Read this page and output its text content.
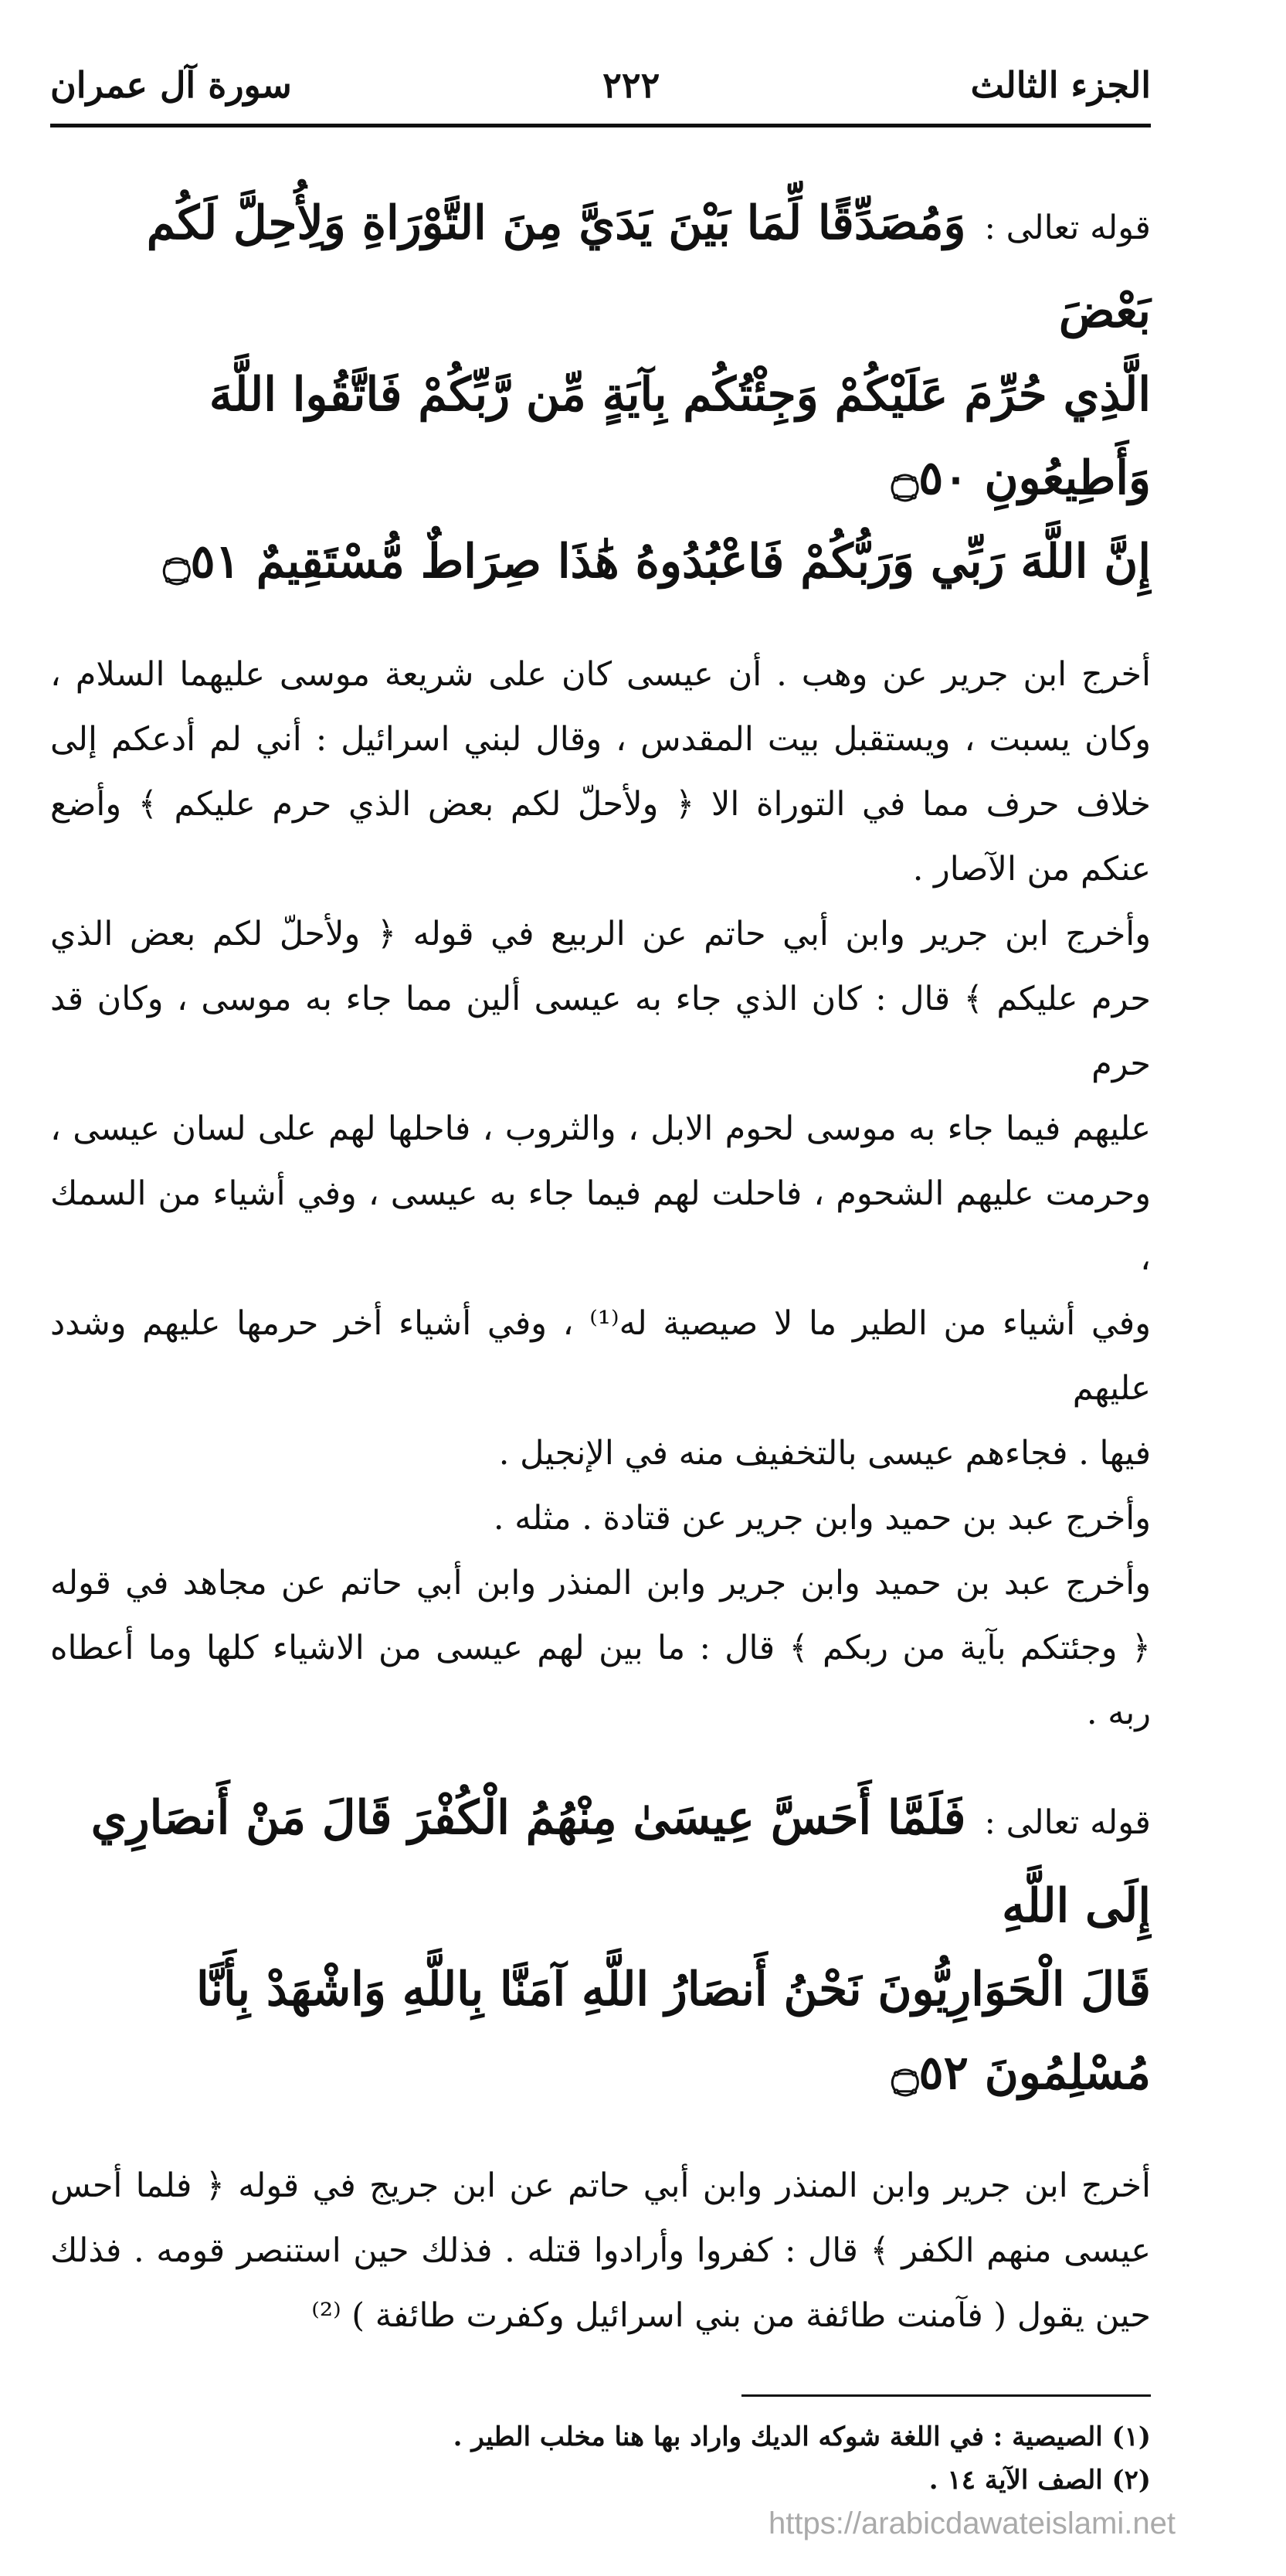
الجزء الثالث
٢٢٢
سورة آل عمران
قوله تعالى :وَمُصَدِّقًا لِّمَا بَيْنَ يَدَيَّ مِنَ التَّوْرَاةِ وَلِأُحِلَّ لَكُم بَعْضَ
الَّذِي حُرِّمَ عَلَيْكُمْ وَجِئْتُكُم بِآيَةٍ مِّن رَّبِّكُمْ فَاتَّقُوا اللَّهَ وَأَطِيعُونِ ۝٥٠
إِنَّ اللَّهَ رَبِّي وَرَبُّكُمْ فَاعْبُدُوهُ هَٰذَا صِرَاطٌ مُّسْتَقِيمٌ ۝٥١
أخرج ابن جرير عن وهب . أن عيسى كان على شريعة موسى عليهما السلام ،
وكان يسبت ، ويستقبل بيت المقدس ، وقال لبني اسرائيل : أني لم أدعكم إلى
خلاف حرف مما في التوراة الا ﴿ ولأحلّ لكم بعض الذي حرم عليكم ﴾ وأضع
عنكم من الآصار .
وأخرج ابن جرير وابن أبي حاتم عن الربيع في قوله ﴿ ولأحلّ لكم بعض الذي
حرم عليكم ﴾ قال : كان الذي جاء به عيسى ألين مما جاء به موسى ، وكان قد حرم
عليهم فيما جاء به موسى لحوم الابل ، والثروب ، فاحلها لهم على لسان عيسى ،
وحرمت عليهم الشحوم ، فاحلت لهم فيما جاء به عيسى ، وفي أشياء من السمك ،
وفي أشياء من الطير ما لا صيصية له⁽¹⁾ ، وفي أشياء أخر حرمها عليهم وشدد عليهم
فيها . فجاءهم عيسى بالتخفيف منه في الإنجيل .
وأخرج عبد بن حميد وابن جرير عن قتادة . مثله .
وأخرج عبد بن حميد وابن جرير وابن المنذر وابن أبي حاتم عن مجاهد في قوله
﴿ وجئتكم بآية من ربكم ﴾ قال : ما بين لهم عيسى من الاشياء كلها وما أعطاه
ربه .
قوله تعالى :فَلَمَّا أَحَسَّ عِيسَىٰ مِنْهُمُ الْكُفْرَ قَالَ مَنْ أَنصَارِي إِلَى اللَّهِ
قَالَ الْحَوَارِيُّونَ نَحْنُ أَنصَارُ اللَّهِ آمَنَّا بِاللَّهِ وَاشْهَدْ بِأَنَّا مُسْلِمُونَ ۝٥٢
أخرج ابن جرير وابن المنذر وابن أبي حاتم عن ابن جريج في قوله ﴿ فلما أحس
عيسى منهم الكفر ﴾ قال : كفروا وأرادوا قتله . فذلك حين استنصر قومه . فذلك
حين يقول ( فآمنت طائفة من بني اسرائيل وكفرت طائفة ) ⁽²⁾
(١) الصيصية : في اللغة شوكه الديك واراد بها هنا مخلب الطير .
(٢) الصف الآية ١٤ .
https://arabicdawateislami.net
